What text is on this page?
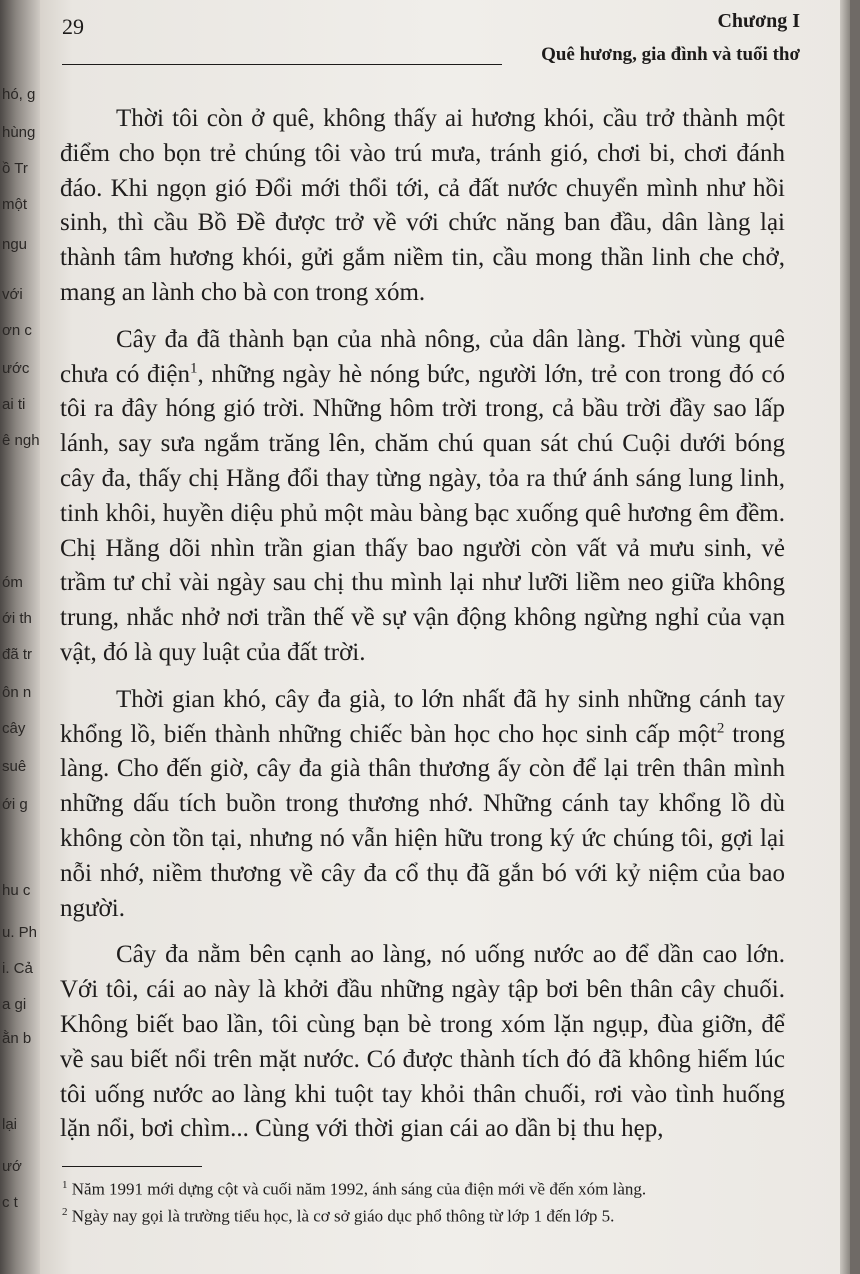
hó, g
hùng
ồ Tr
một
ngu
với
ơn c
ước
ai ti
ê ngh
óm
ới th
đã tr
ôn n
cây
suê
ới g
hu c
u. Ph
i. Cả
a gi
ằn b
lại
ướ
c t
29	Chương I
Quê hương, gia đình và tuổi thơ

Thời tôi còn ở quê, không thấy ai hương khói, cầu trở thành một điểm cho bọn trẻ chúng tôi vào trú mưa, tránh gió, chơi bi, chơi đánh đáo. Khi ngọn gió Đổi mới thổi tới, cả đất nước chuyển mình như hồi sinh, thì cầu Bồ Đề được trở về với chức năng ban đầu, dân làng lại thành tâm hương khói, gửi gắm niềm tin, cầu mong thần linh che chở, mang an lành cho bà con trong xóm.

Cây đa đã thành bạn của nhà nông, của dân làng. Thời vùng quê chưa có điện$^1$, những ngày hè nóng bức, người lớn, trẻ con trong đó có tôi ra đây hóng gió trời. Những hôm trời trong, cả bầu trời đầy sao lấp lánh, say sưa ngắm trăng lên, chăm chú quan sát chú Cuội dưới bóng cây đa, thấy chị Hằng đổi thay từng ngày, tỏa ra thứ ánh sáng lung linh, tinh khôi, huyền diệu phủ một màu bàng bạc xuống quê hương êm đềm. Chị Hằng dõi nhìn trần gian thấy bao người còn vất vả mưu sinh, vẻ trầm tư chỉ vài ngày sau chị thu mình lại như lưỡi liềm neo giữa không trung, nhắc nhở nơi trần thế về sự vận động không ngừng nghỉ của vạn vật, đó là quy luật của đất trời.

Thời gian khó, cây đa già, to lớn nhất đã hy sinh những cánh tay khổng lồ, biến thành những chiếc bàn học cho học sinh cấp một$^2$ trong làng. Cho đến giờ, cây đa già thân thương ấy còn để lại trên thân mình những dấu tích buồn trong thương nhớ. Những cánh tay khổng lồ dù không còn tồn tại, nhưng nó vẫn hiện hữu trong ký ức chúng tôi, gợi lại nỗi nhớ, niềm thương về cây đa cổ thụ đã gắn bó với kỷ niệm của bao người.

Cây đa nằm bên cạnh ao làng, nó uống nước ao để dần cao lớn. Với tôi, cái ao này là khởi đầu những ngày tập bơi bên thân cây chuối. Không biết bao lần, tôi cùng bạn bè trong xóm lặn ngụp, đùa giỡn, để về sau biết nổi trên mặt nước. Có được thành tích đó đã không hiếm lúc tôi uống nước ao làng khi tuột tay khỏi thân chuối, rơi vào tình huống lặn nổi, bơi chìm... Cùng với thời gian cái ao dần bị thu hẹp,

$^1$ Năm 1991 mới dựng cột và cuối năm 1992, ánh sáng của điện mới về đến xóm làng.
$^2$ Ngày nay gọi là trường tiểu học, là cơ sở giáo dục phổ thông từ lớp 1 đến lớp 5.
